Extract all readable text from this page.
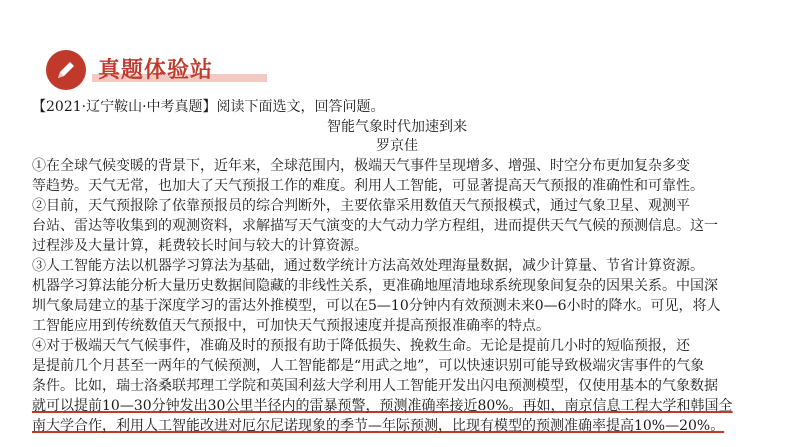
真题体验站
【2021·辽宁鞍山·中考真题】阅读下面选文，回答问题。
智能气象时代加速到来
罗京佳
①在全球气候变暖的背景下，近年来，全球范围内，极端天气事件呈现增多、增强、时空分布更加复杂多变
等趋势。天气无常，也加大了天气预报工作的难度。利用人工智能，可显著提高天气预报的准确性和可靠性。
②目前，天气预报除了依靠预报员的综合判断外，主要依靠采用数值天气预报模式，通过气象卫星、观测平
台站、雷达等收集到的观测资料，求解描写天气演变的大气动力学方程组，进而提供天气气候的预测信息。这一
过程涉及大量计算，耗费较长时间与较大的计算资源。
③人工智能方法以机器学习算法为基础，通过数学统计方法高效处理海量数据，减少计算量、节省计算资源。
机器学习算法能分析大量历史数据间隐藏的非线性关系，更准确地厘清地球系统现象间复杂的因果关系。中国深
圳气象局建立的基于深度学习的雷达外推模型，可以在5—10分钟内有效预测未来0—6小时的降水。可见，将人
工智能应用到传统数值天气预报中，可加快天气预报速度并提高预报准确率的特点。
④对于极端天气气候事件，准确及时的预报有助于降低损失、挽救生命。无论是提前几小时的短临预报，还
是提前几个月甚至一两年的气候预测，人工智能都是“用武之地”，可以快速识别可能导致极端灾害事件的气象
条件。比如，瑞士洛桑联邦理工学院和英国利兹大学利用人工智能开发出闪电预测模型，仅使用基本的气象数据
就可以提前10—30分钟发出30公里半径内的雷暴预警，预测准确率接近80%。再如，南京信息工程大学和韩国全
南大学合作，利用人工智能改进对厄尔尼诺现象的季节—年际预测，比现有模型的预测准确率提高10%—20%。
